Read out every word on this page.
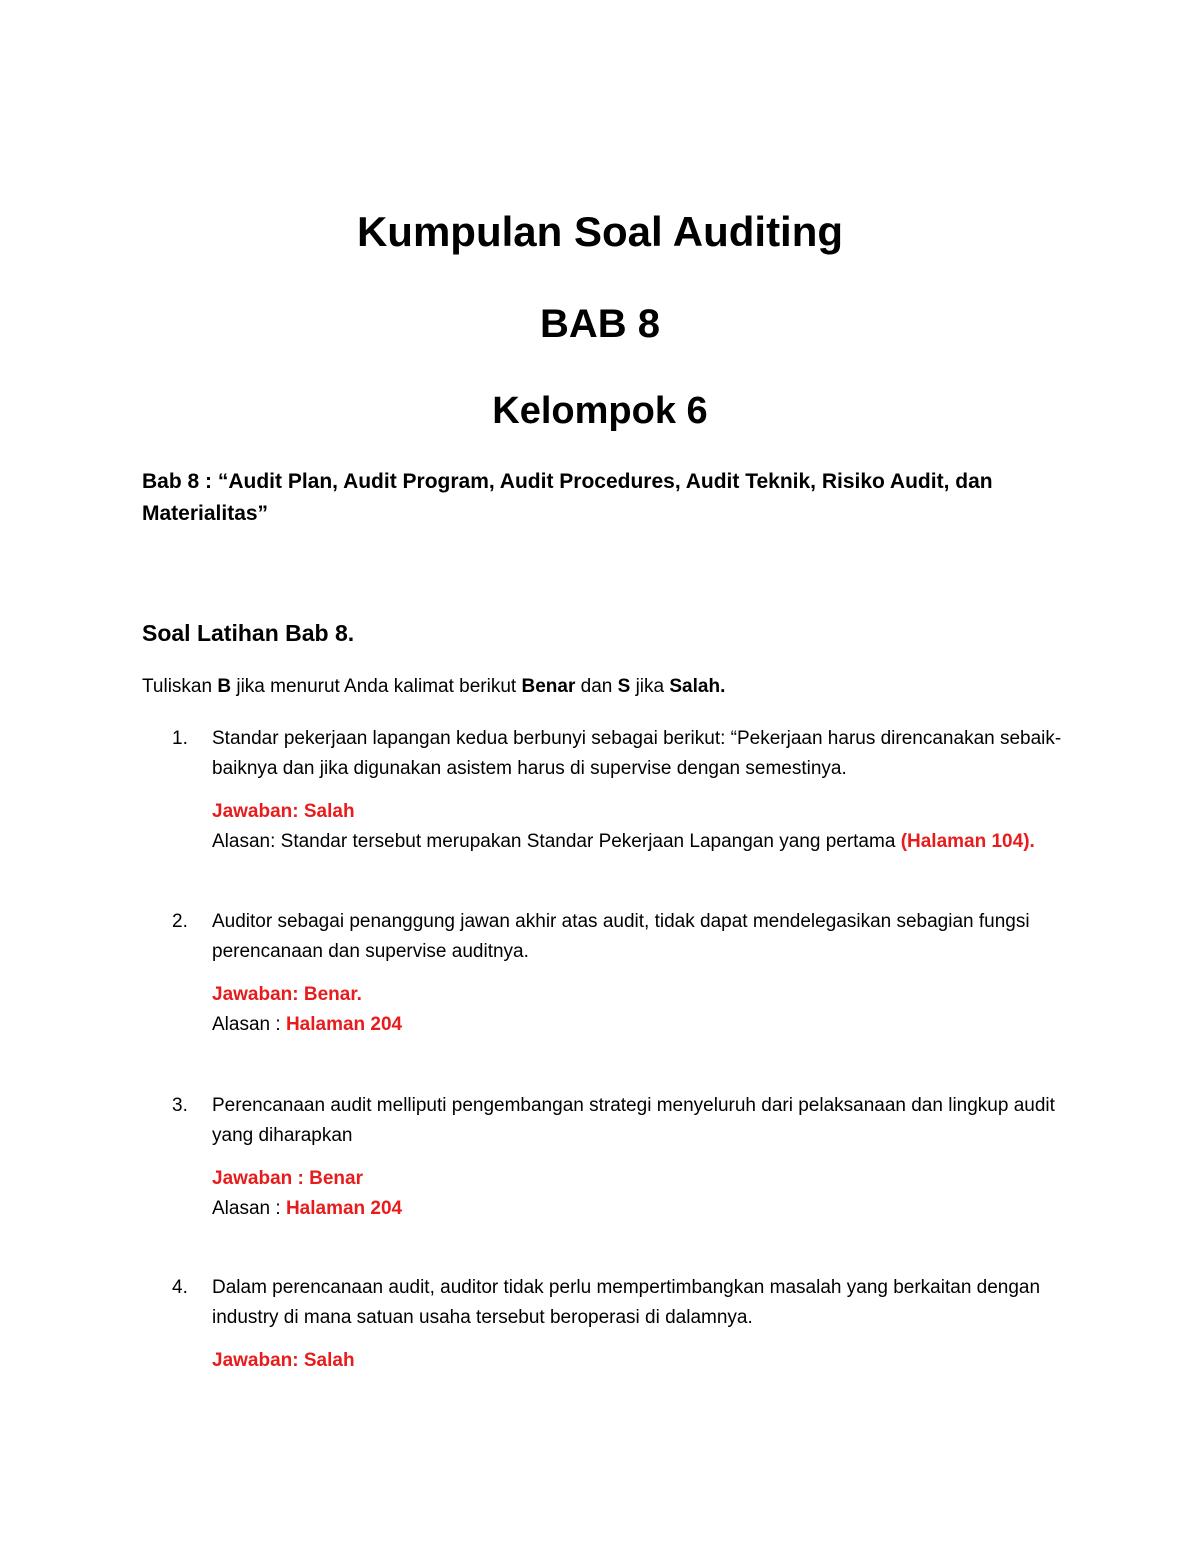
Kumpulan Soal Auditing
BAB 8
Kelompok 6

Bab 8 : “Audit Plan, Audit Program, Audit Procedures, Audit Teknik, Risiko Audit, dan Materialitas”

Soal Latihan Bab 8.

Tuliskan B jika menurut Anda kalimat berikut Benar dan S jika Salah.

1. Standar pekerjaan lapangan kedua berbunyi sebagai berikut: “Pekerjaan harus direncanakan sebaik-baiknya dan jika digunakan asistem harus di supervise dengan semestinya.

Jawaban: Salah

Alasan: Standar tersebut merupakan Standar Pekerjaan Lapangan yang pertama (Halaman 104).

2. Auditor sebagai penanggung jawan akhir atas audit, tidak dapat mendelegasikan sebagian fungsi perencanaan dan supervise auditnya.

Jawaban: Benar.

Alasan : Halaman 204

3. Perencanaan audit melliputi pengembangan strategi menyeluruh dari pelaksanaan dan lingkup audit yang diharapkan

Jawaban : Benar

Alasan : Halaman 204

4. Dalam perencanaan audit, auditor tidak perlu mempertimbangkan masalah yang berkaitan dengan industry di mana satuan usaha tersebut beroperasi di dalamnya.

Jawaban: Salah
